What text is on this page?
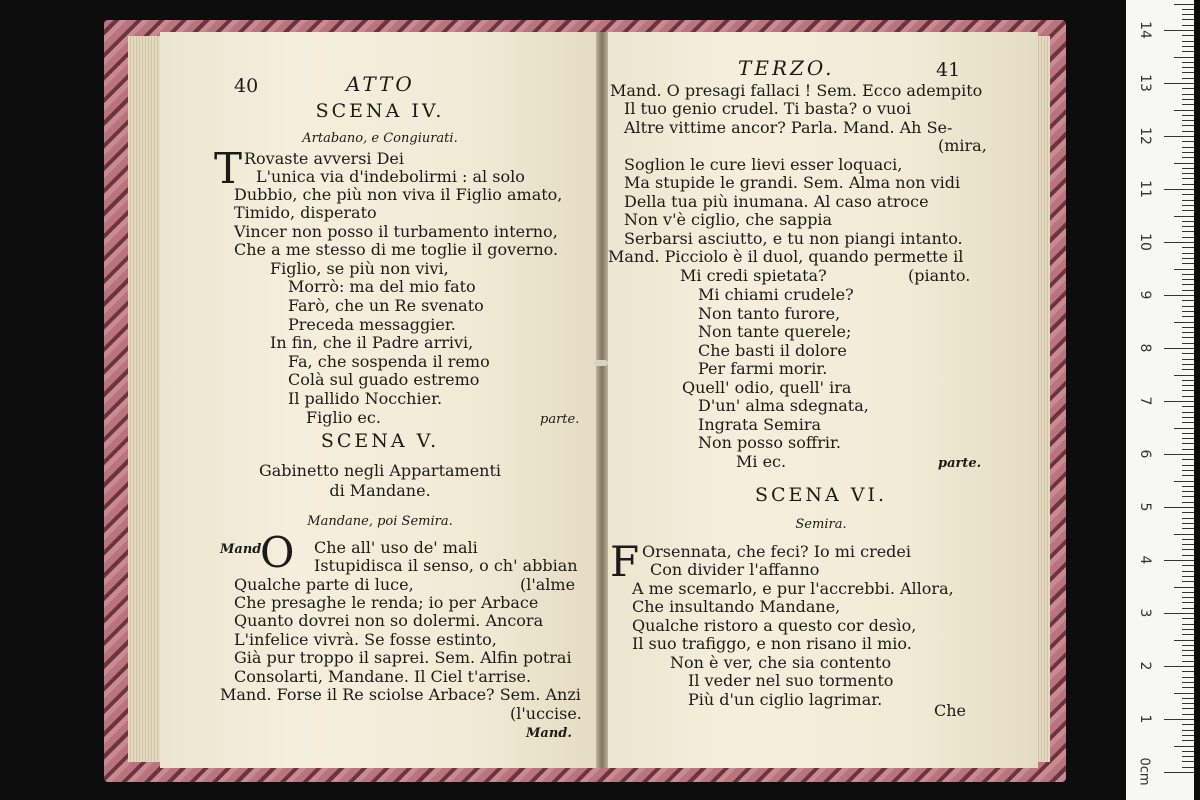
40	ATTO
SCENA IV.
Artabano, e Congiurati.
T Rovaste avversi Dei
L'unica via d'indebolirmi : al solo
Dubbio, che più non viva il Figlio amato,
Timido, disperato
Vincer non posso il turbamento interno,
Che a me stesso di me toglie il governo.
Figlio, se più non vivi,
Morrò: ma del mio fato
Farò, che un Re svenato
Preceda messaggier.
In fin, che il Padre arrivi,
Fa, che sospenda il remo
Colà sul guado estremo
Il pallido Nocchier.
Figlio ec.	parte.
SCENA V.
Gabinetto negli Appartamenti
di Mandane.
Mandane, poi Semira.
Mand.
O Che all' uso de' mali
Istupidisca il senso, o ch' abbian
Qualche parte di luce,
Che presaghe le renda; io per Arbace
Quanto dovrei non so dolermi. Ancora
L'infelice vivrà. Se fosse estinto,
Già pur troppo il saprei. Sem. Alfin potrai
Consolarti, Mandane. Il Ciel t'arrise.
Mand. Forse il Re sciolse Arbace? Sem. Anzi
(l'alme
(l'uccise.
Mand.
TERZO.	41
Mand. O presagi fallaci ! Sem. Ecco adempito
Il tuo genio crudel. Ti basta? o vuoi
Altre vittime ancor? Parla. Mand. Ah Se-
(mira,
Soglion le cure lievi esser loquaci,
Ma stupide le grandi. Sem. Alma non vidi
Della tua più inumana. Al caso atroce
Non v'è ciglio, che sappia
Serbarsi asciutto, e tu non piangi intanto.
Mand. Picciolo è il duol, quando permette il
Mi credi spietata?	(pianto.
Mi chiami crudele?
Non tanto furore,
Non tante querele;
Che basti il dolore
Per farmi morir.
Quell' odio, quell' ira
D'un' alma sdegnata,
Ingrata Semira
Non posso soffrir.
Mi ec.	parte.
SCENA VI.
Semira.
F Orsennata, che feci? Io mi credei
Con divider l'affanno
A me scemarlo, e pur l'accrebbi. Allora,
Che insultando Mandane,
Qualche ristoro a questo cor desìo,
Il suo trafiggo, e non risano il mio.
Non è ver, che sia contento
Il veder nel suo tormento
Più d'un ciglio lagrimar.
Che
0cm
1
2
3
4
5
6
7
8
9
10
11
12
13
14
